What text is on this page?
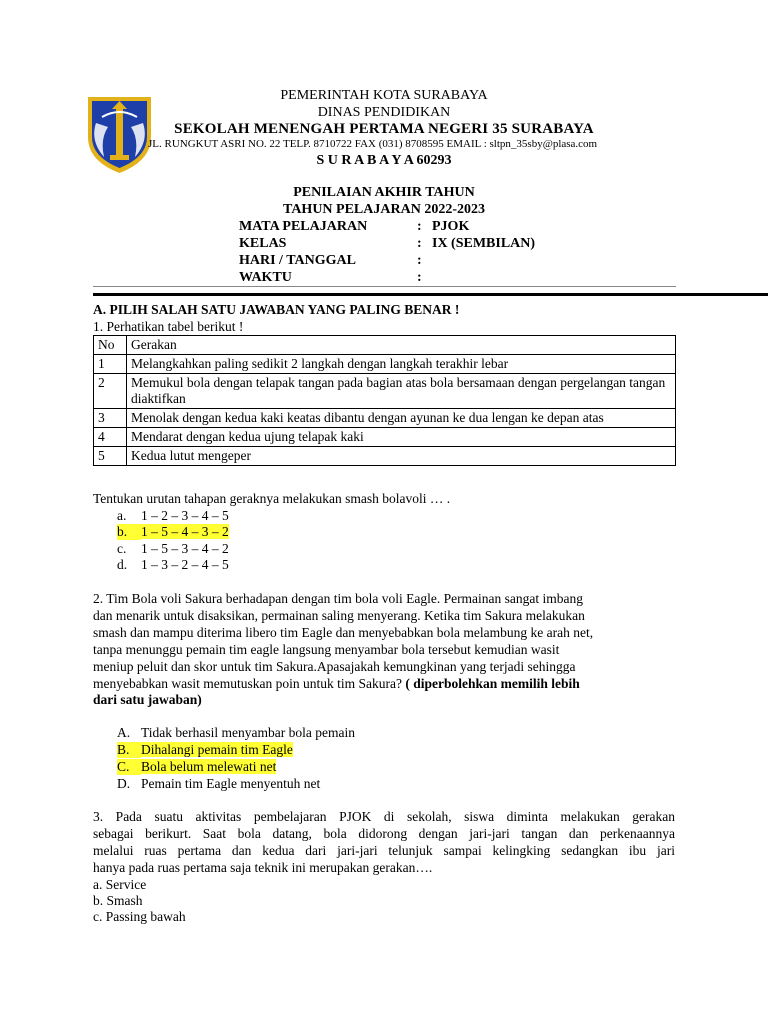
PEMERINTAH KOTA SURABAYA
DINAS PENDIDIKAN
SEKOLAH MENENGAH PERTAMA NEGERI 35 SURABAYA
JL. RUNGKUT ASRI NO. 22 TELP. 8710722 FAX (031) 8708595 EMAIL : sltpn_35sby@plasa.com
S U R A B A Y A 60293
PENILAIAN AKHIR TAHUN
TAHUN PELAJARAN 2022-2023
MATA PELAJARAN	: PJOK
KELAS	: IX (SEMBILAN)
HARI / TANGGAL	:
WAKTU	:
A. PILIH SALAH SATU JAWABAN YANG PALING BENAR !
1. Perhatikan tabel berikut !
No	Gerakan
1	Melangkahkan paling sedikit 2 langkah dengan langkah terakhir lebar
2	Memukul bola dengan telapak tangan pada bagian atas bola bersamaan dengan pergelangan tangan diaktifkan
3	Menolak dengan kedua kaki keatas dibantu dengan ayunan ke dua lengan ke depan atas
4	Mendarat dengan kedua ujung telapak kaki
5	Kedua lutut mengeper
Tentukan urutan tahapan geraknya melakukan smash bolavoli … .
a. 1 – 2 – 3 – 4 – 5
b. 1 – 5 – 4 – 3 – 2
c. 1 – 5 – 3 – 4 – 2
d. 1 – 3 – 2 – 4 – 5
2. Tim Bola voli Sakura berhadapan dengan tim bola voli Eagle. Permainan sangat imbang
dan menarik untuk disaksikan, permainan saling menyerang. Ketika tim Sakura melakukan
smash dan mampu diterima libero tim Eagle dan menyebabkan bola melambung ke arah net,
tanpa menunggu pemain tim eagle langsung menyambar bola tersebut kemudian wasit
meniup peluit dan skor untuk tim Sakura.Apasajakah kemungkinan yang terjadi sehingga
menyebabkan wasit memutuskan poin untuk tim Sakura? ( diperbolehkan memilih lebih
dari satu jawaban)
A. Tidak berhasil menyambar bola pemain
B. Dihalangi pemain tim Eagle
C. Bola belum melewati net
D. Pemain tim Eagle menyentuh net
3. Pada suatu aktivitas pembelajaran PJOK di sekolah, siswa diminta melakukan gerakan
sebagai berikurt. Saat bola datang, bola didorong dengan jari-jari tangan dan perkenaannya
melalui ruas pertama dan kedua dari jari-jari telunjuk sampai kelingking sedangkan ibu jari
hanya pada ruas pertama saja teknik ini merupakan gerakan….
a. Service
b. Smash
c. Passing bawah
